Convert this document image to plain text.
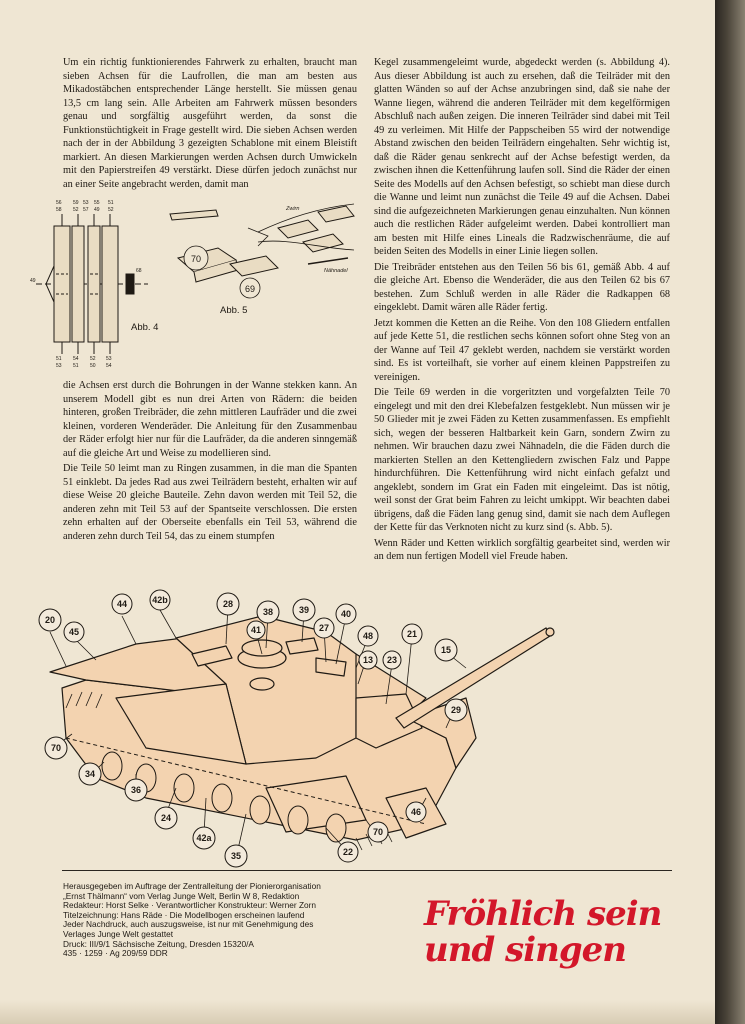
Um ein richtig funktionierendes Fahrwerk zu erhalten, braucht man sieben Achsen für die Laufrollen, die man am besten aus Mikadostäbchen entsprechender Länge herstellt. Sie müssen genau 13,5 cm lang sein. Alle Arbeiten am Fahrwerk müssen besonders genau und sorgfältig ausgeführt werden, da sonst die Funktionstüchtigkeit in Frage gestellt wird. Die sieben Achsen werden nach der in der Abbildung 3 gezeigten Schablone mit einem Bleistift markiert. An diesen Markierungen werden Achsen durch Umwickeln mit den Papierstreifen 49 verstärkt. Diese dürfen jedoch zunächst nur an einer Seite angebracht werden, damit man

56
58
59
52
53
57
55
49
51
52
51
53
54
51
52
50
53
54
49
68
Abb. 4
70
69
Zwirn
Nähnadel
Abb. 5

die Achsen erst durch die Bohrungen in der Wanne stekken kann. An unserem Modell gibt es nun drei Arten von Rädern: die beiden hinteren, großen Treibräder, die zehn mittleren Laufräder und die zwei kleinen, vorderen Wenderäder. Die Anleitung für den Zusammenbau der Räder erfolgt hier nur für die Laufräder, da die anderen sinngemäß auf die gleiche Art und Weise zu modellieren sind.

Die Teile 50 leimt man zu Ringen zusammen, in die man die Spanten 51 einklebt. Da jedes Rad aus zwei Teilrädern besteht, erhalten wir auf diese Weise 20 gleiche Bauteile. Zehn davon werden mit Teil 52, die anderen zehn mit Teil 53 auf der Spantseite verschlossen. Die ersten zehn erhalten auf der Oberseite ebenfalls ein Teil 53, während die anderen zehn durch Teil 54, das zu einem stumpfen

Kegel zusammengeleimt wurde, abgedeckt werden (s. Abbildung 4). Aus dieser Abbildung ist auch zu ersehen, daß die Teilräder mit den glatten Wänden so auf der Achse anzubringen sind, daß sie nahe der Wanne liegen, während die anderen Teilräder mit dem kegelförmigen Abschluß nach außen zeigen. Die inneren Teilräder sind dabei mit Teil 49 zu verleimen. Mit Hilfe der Pappscheiben 55 wird der notwendige Abstand zwischen den beiden Teilrädern eingehalten. Sehr wichtig ist, daß die Räder genau senkrecht auf der Achse befestigt werden, da zwischen ihnen die Kettenführung laufen soll. Sind die Räder der einen Seite des Modells auf den Achsen befestigt, so schiebt man diese durch die Wanne und leimt nun zunächst die Teile 49 auf die Achsen. Dabei sind die aufgezeichneten Markierungen genau einzuhalten. Nun können auch die restlichen Räder aufgeleimt werden. Dabei kontrolliert man am besten mit Hilfe eines Lineals die Radzwischenräume, die auf beiden Seiten des Modells in einer Linie liegen sollen.

Die Treibräder entstehen aus den Teilen 56 bis 61, gemäß Abb. 4 auf die gleiche Art. Ebenso die Wenderäder, die aus den Teilen 62 bis 67 bestehen. Zum Schluß werden in alle Räder die Radkappen 68 eingeklebt. Damit wären alle Räder fertig.

Jetzt kommen die Ketten an die Reihe. Von den 108 Gliedern entfallen auf jede Kette 51, die restlichen sechs können sofort ohne Steg von an der Wanne auf Teil 47 geklebt werden, nachdem sie verstärkt worden sind. Es ist vorteilhaft, sie vorher auf einem kleinen Pappstreifen zu vereinigen.

Die Teile 69 werden in die vorgeritzten und vorgefalzten Teile 70 eingelegt und mit den drei Klebefalzen festgeklebt. Nun müssen wir je 50 Glieder mit je zwei Fäden zu Ketten zusammenfassen. Es empfiehlt sich, wegen der besseren Haltbarkeit kein Garn, sondern Zwirn zu nehmen. Wir brauchen dazu zwei Nähnadeln, die die Fäden durch die markierten Stellen an den Kettengliedern zwischen Falz und Pappe hindurchführen. Die Kettenführung wird nicht einfach gefalzt und angeklebt, sondern im Grat ein Faden mit eingeleimt. Das ist nötig, weil sonst der Grat beim Fahren zu leicht umkippt. Wir beachten dabei übrigens, daß die Fäden lang genug sind, damit sie nach dem Auflegen der Kette für das Verknoten nicht zu kurz sind (s. Abb. 5).

Wenn Räder und Ketten wirklich sorgfältig gearbeitet sind, werden wir an dem nun fertigen Modell viel Freude haben.

20
45
44	42b	28
38
41
39
27
40
48
13
21
15
23
29
70
34
36
24
42a
35	22
70
46
Herausgegeben im Auftrage der Zentralleitung der Pionierorganisation
„Ernst Thälmann“ vom Verlag Junge Welt, Berlin W 8, Redaktion
Redakteur: Horst Selke · Verantwortlicher Konstrukteur: Werner Zorn
Titelzeichnung: Hans Räde · Die Modellbogen erscheinen laufend
Jeder Nachdruck, auch auszugsweise, ist nur mit Genehmigung des
Verlages Junge Welt gestattet
Druck: III/9/1 Sächsische Zeitung, Dresden 15320/A
435 · 1259 · Ag 209/59 DDR
Fröhlich sein
und singen
